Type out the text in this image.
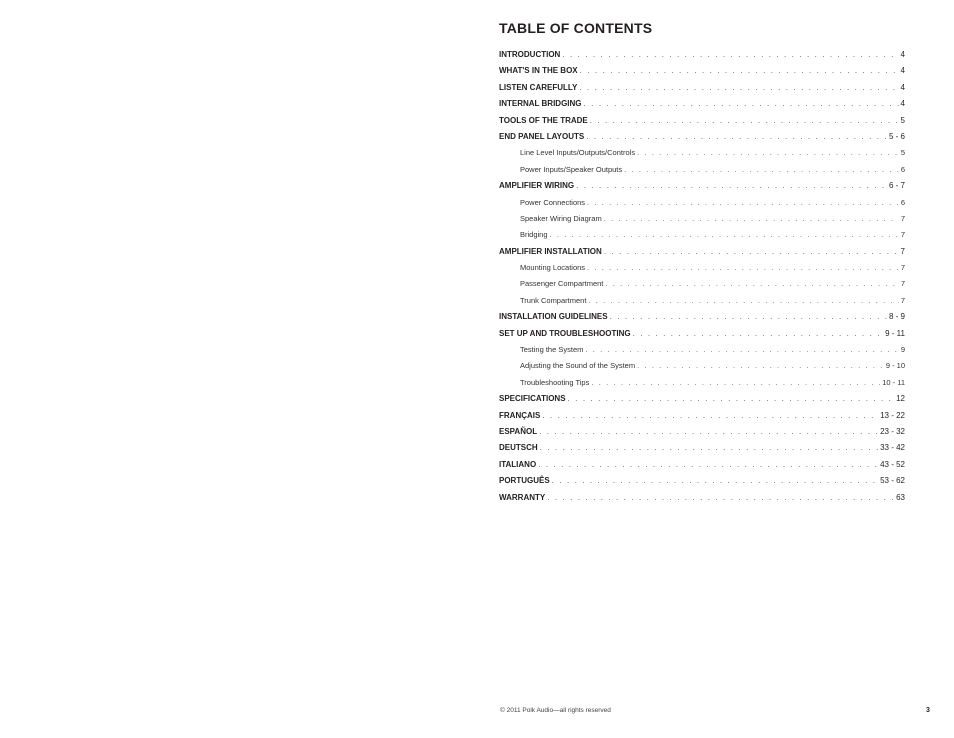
TABLE OF CONTENTS
INTRODUCTION . . .	4
WHAT'S IN THE BOX . . .	4
LISTEN CAREFULLY . . .	4
INTERNAL BRIDGING . . .	4
TOOLS OF THE TRADE . . .	5
END PANEL LAYOUTS . . .	5 - 6
Line Level Inputs/Outputs/Controls . . .	5
Power Inputs/Speaker Outputs . . .	6
AMPLIFIER WIRING . . .	6 - 7
Power Connections . . .	6
Speaker Wiring Diagram . . .	7
Bridging . . .	7
AMPLIFIER INSTALLATION . . .	7
Mounting Locations . . .	7
Passenger Compartment . . .	7
Trunk Compartment . . .	7
INSTALLATION GUIDELINES . . .	8 - 9
SET UP AND TROUBLESHOOTING . . .	9 - 11
Testing the System . . .	9
Adjusting the Sound of the System . . .	9 - 10
Troubleshooting Tips . . .	10 - 11
SPECIFICATIONS . . .	12
FRANÇAIS . . .	13 - 22
ESPAÑOL . . .	23 - 32
DEUTSCH . . .	33 - 42
ITALIANO . . .	43 - 52
PORTUGUÊS . . .	53 - 62
WARRANTY . . .	63
© 2011 Polk Audio—all rights reserved	3
